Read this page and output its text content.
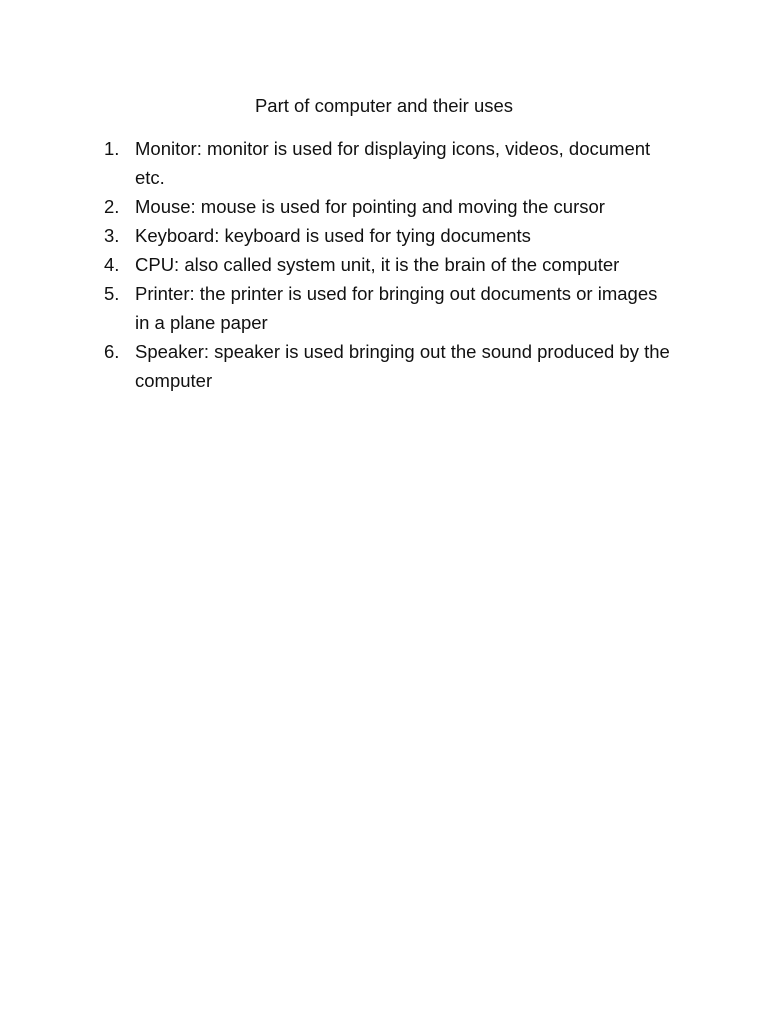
Part of computer and their uses
1. Monitor: monitor is used for displaying icons, videos, document etc.
2. Mouse: mouse is used for pointing and moving the cursor
3. Keyboard: keyboard is used for tying documents
4. CPU: also called system unit, it is the brain of the computer
5. Printer: the printer is used for bringing out documents or images in a plane paper
6. Speaker: speaker is used bringing out the sound produced by the computer
